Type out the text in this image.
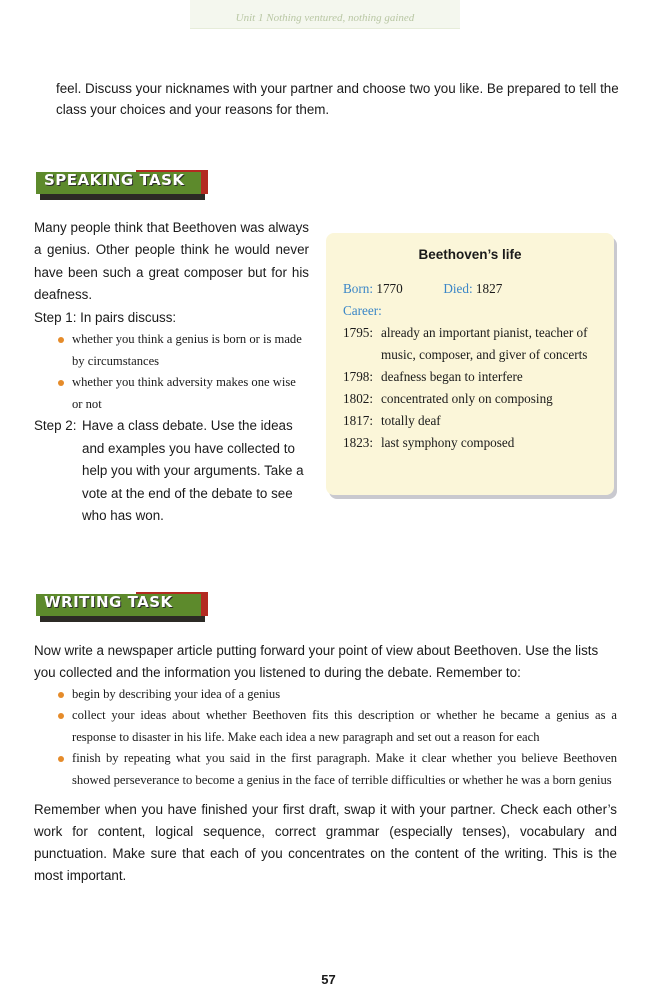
Unit 1 Nothing ventured, nothing gained
feel. Discuss your nicknames with your partner and choose two you like. Be prepared to tell the class your choices and your reasons for them.
SPEAKING TASK
Many people think that Beethoven was always a genius. Other people think he would never have been such a great composer but for his deafness.
Step 1: In pairs discuss:
whether you think a genius is born or is made by circumstances
whether you think adversity makes one wise or not
Step 2: Have a class debate. Use the ideas and examples you have collected to help you with your arguments. Take a vote at the end of the debate to see who has won.
Beethoven’s life
Born: 1770	Died: 1827
Career:
1795: already an important pianist, teacher of music, composer, and giver of concerts
1798: deafness began to interfere
1802: concentrated only on composing
1817: totally deaf
1823: last symphony composed
WRITING TASK
Now write a newspaper article putting forward your point of view about Beethoven. Use the lists you collected and the information you listened to during the debate. Remember to:
begin by describing your idea of a genius
collect your ideas about whether Beethoven fits this description or whether he became a genius as a response to disaster in his life. Make each idea a new paragraph and set out a reason for each
finish by repeating what you said in the first paragraph. Make it clear whether you believe Beethoven showed perseverance to become a genius in the face of terrible difficulties or whether he was a born genius
Remember when you have finished your first draft, swap it with your partner. Check each other’s work for content, logical sequence, correct grammar (especially tenses), vocabulary and punctuation. Make sure that each of you concentrates on the content of the writing. This is the most important.
57
